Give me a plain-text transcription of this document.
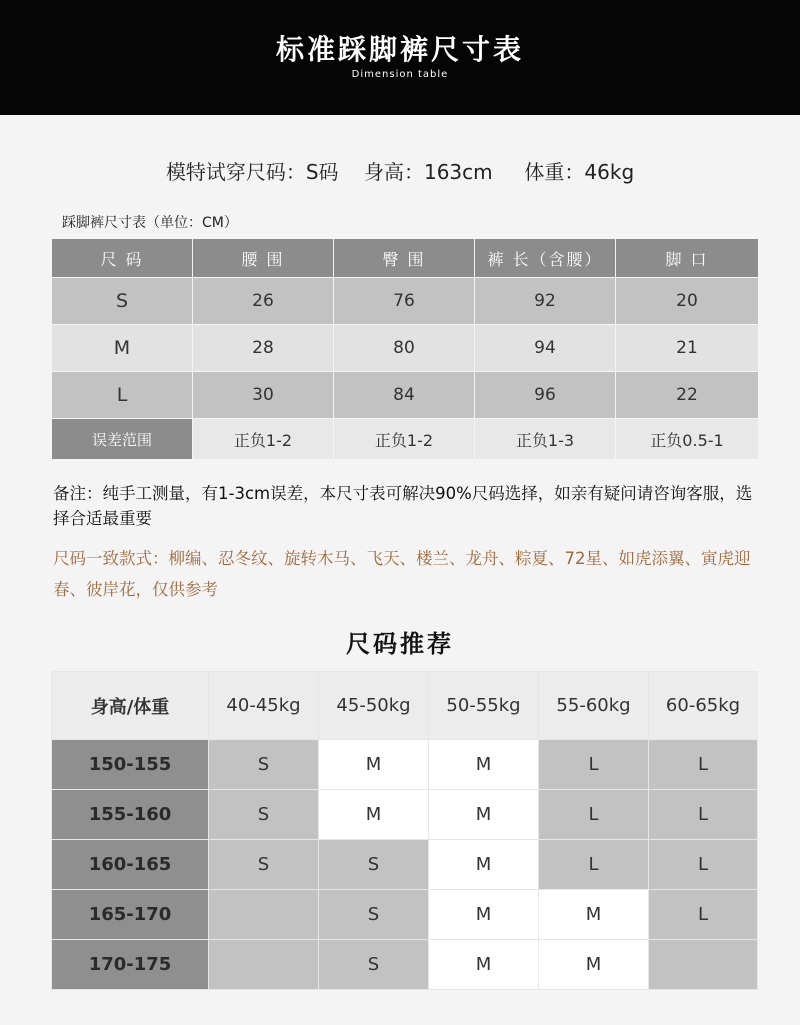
标准踩脚裤尺寸表
Dimension table
模特试穿尺码：S码    身高：163cm     体重：46kg
踩脚裤尺寸表（单位：CM）
尺 码	腰 围	臀 围	裤 长（含腰）	脚 口
S	26	76	92	20
M	28	80	94	21
L	30	84	96	22
误差范围	正负1-2	正负1-2	正负1-3	正负0.5-1
备注：纯手工测量，有1-3cm误差，本尺寸表可解决90%尺码选择，如亲有疑问请咨询客服，选择合适最重要
尺码一致款式：柳编、忍冬纹、旋转木马、飞天、楼兰、龙舟、粽夏、72星、如虎添翼、寅虎迎春、彼岸花，仅供参考
尺码推荐
身高/体重	40-45kg	45-50kg	50-55kg	55-60kg	60-65kg
150-155	S	M	M	L	L
155-160	S	M	M	L	L
160-165	S	S	M	L	L
165-170		S	M	M	L
170-175		S	M	M	
